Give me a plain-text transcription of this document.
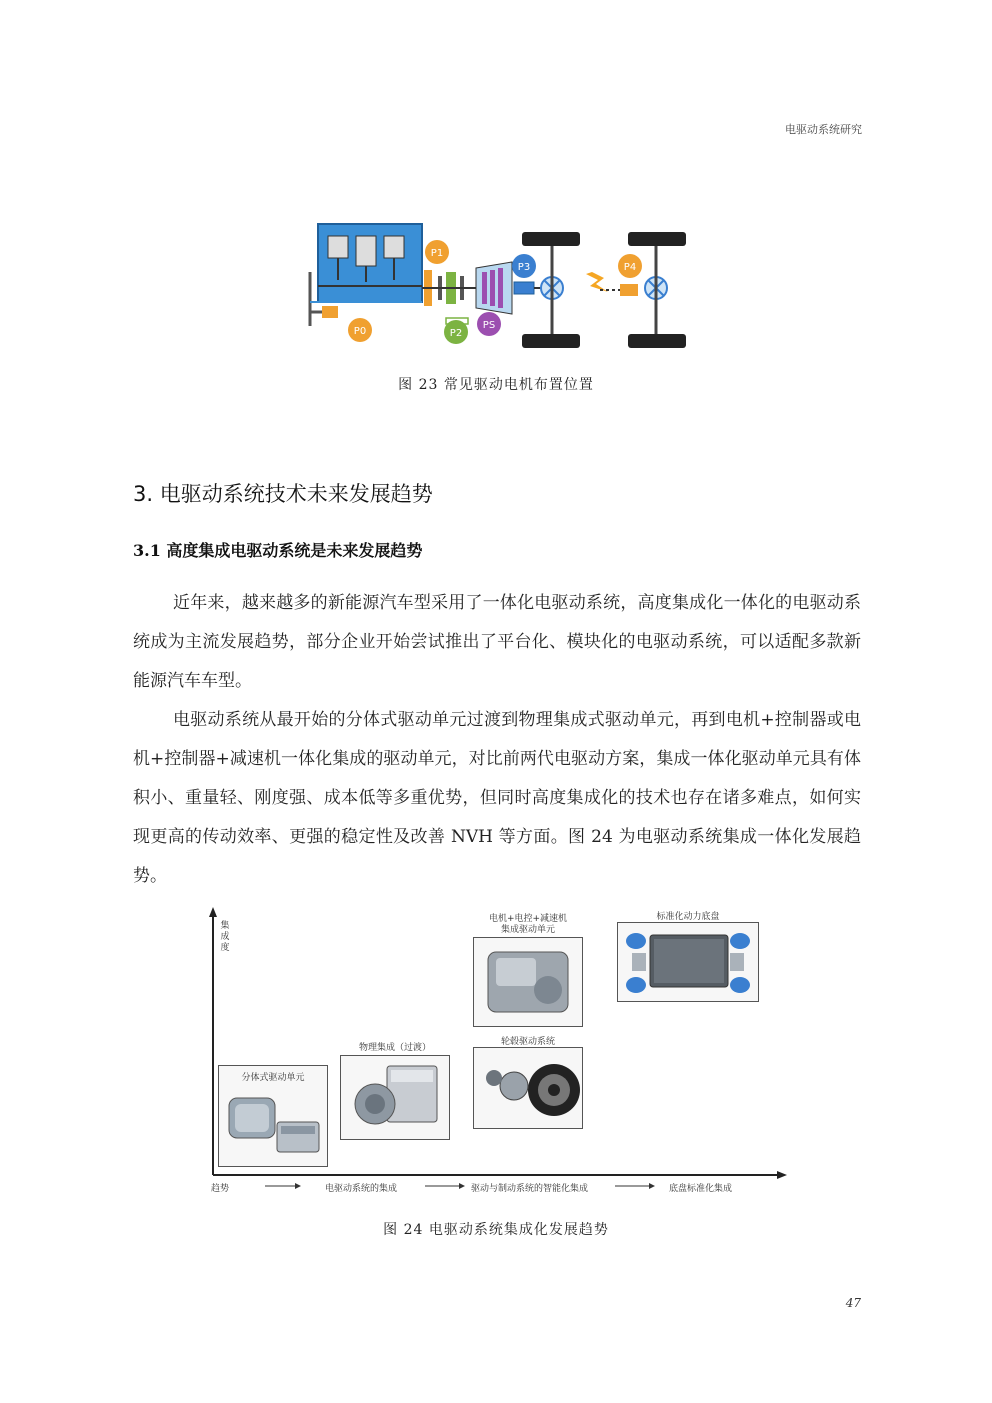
电驱动系统研究
P0
P1
P2
PS
P3	P4
图 23 常见驱动电机布置位置
3. 电驱动系统技术未来发展趋势
3.1 高度集成电驱动系统是未来发展趋势

近年来，越来越多的新能源汽车型采用了一体化电驱动系统，高度集成化一体化的电驱动系统成为主流发展趋势，部分企业开始尝试推出了平台化、模块化的电驱动系统，可以适配多款新能源汽车车型。

电驱动系统从最开始的分体式驱动单元过渡到物理集成式驱动单元，再到电机+控制器或电机+控制器+减速机一体化集成的驱动单元，对比前两代电驱动方案，集成一体化驱动单元具有体积小、重量轻、刚度强、成本低等多重优势，但同时高度集成化的技术也存在诸多难点，如何实现更高的传动效率、更强的稳定性及改善 NVH 等方面。图 24 为电驱动系统集成一体化发展趋势。

集成度
趋势	电驱动系统的集成	驱动与制动系统的智能化集成	底盘标准化集成
分体式驱动单元
物理集成（过渡）
电机+电控+减速机
集成驱动单元
轮毂驱动系统
标准化动力底盘
图 24 电驱动系统集成化发展趋势
47
